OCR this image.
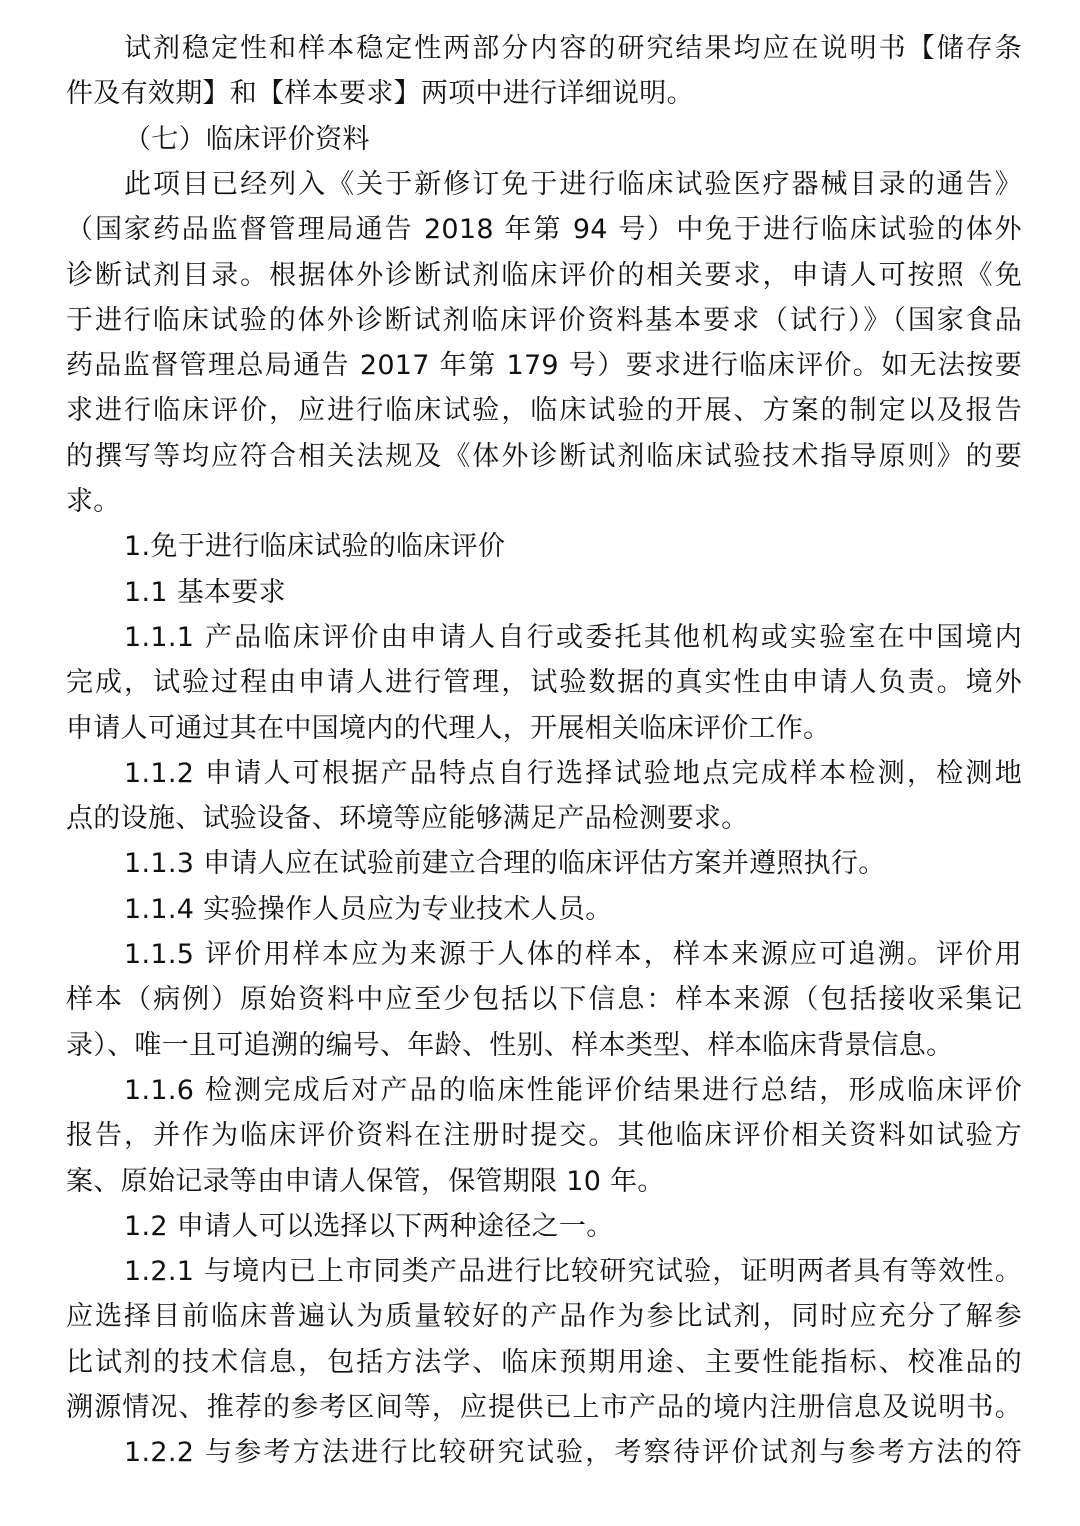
试剂稳定性和样本稳定性两部分内容的研究结果均应在说明书【储存条
件及有效期】和【样本要求】两项中进行详细说明。
（七）临床评价资料
此项目已经列入《关于新修订免于进行临床试验医疗器械目录的通告》
（国家药品监督管理局通告 2018 年第 94 号）中免于进行临床试验的体外
诊断试剂目录。根据体外诊断试剂临床评价的相关要求，申请人可按照《免
于进行临床试验的体外诊断试剂临床评价资料基本要求（试行）》（国家食品
药品监督管理总局通告 2017 年第 179 号）要求进行临床评价。如无法按要
求进行临床评价，应进行临床试验，临床试验的开展、方案的制定以及报告
的撰写等均应符合相关法规及《体外诊断试剂临床试验技术指导原则》的要
求。
1.免于进行临床试验的临床评价
1.1 基本要求
1.1.1 产品临床评价由申请人自行或委托其他机构或实验室在中国境内
完成，试验过程由申请人进行管理，试验数据的真实性由申请人负责。境外
申请人可通过其在中国境内的代理人，开展相关临床评价工作。
1.1.2 申请人可根据产品特点自行选择试验地点完成样本检测，检测地
点的设施、试验设备、环境等应能够满足产品检测要求。
1.1.3 申请人应在试验前建立合理的临床评估方案并遵照执行。
1.1.4 实验操作人员应为专业技术人员。
1.1.5 评价用样本应为来源于人体的样本，样本来源应可追溯。评价用
样本（病例）原始资料中应至少包括以下信息：样本来源（包括接收采集记
录）、唯一且可追溯的编号、年龄、性别、样本类型、样本临床背景信息。
1.1.6 检测完成后对产品的临床性能评价结果进行总结，形成临床评价
报告，并作为临床评价资料在注册时提交。其他临床评价相关资料如试验方
案、原始记录等由申请人保管，保管期限 10 年。
1.2 申请人可以选择以下两种途径之一。
1.2.1 与境内已上市同类产品进行比较研究试验，证明两者具有等效性。
应选择目前临床普遍认为质量较好的产品作为参比试剂，同时应充分了解参
比试剂的技术信息，包括方法学、临床预期用途、主要性能指标、校准品的
溯源情况、推荐的参考区间等，应提供已上市产品的境内注册信息及说明书。
1.2.2 与参考方法进行比较研究试验，考察待评价试剂与参考方法的符
